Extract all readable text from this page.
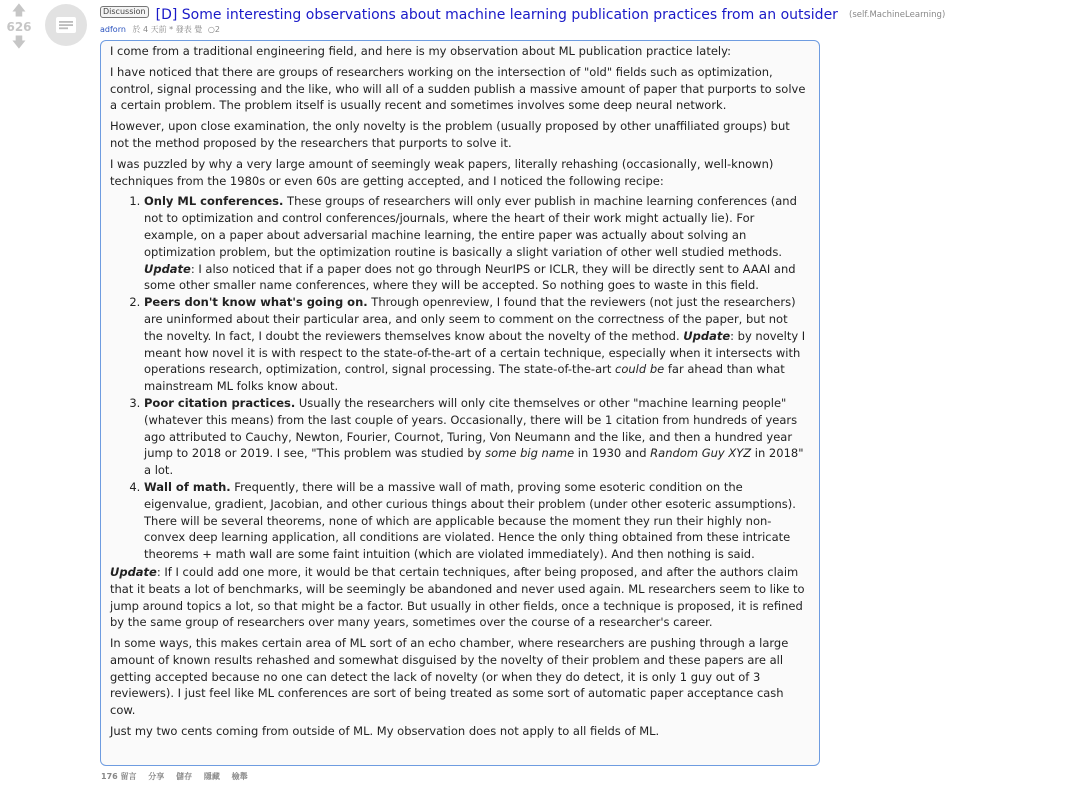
🡅
626
🡇
Discussion [D] Some interesting observations about machine learning publication practices from an outsider (self.MachineLearning)
adforn 於 4 天前 * 發表 覺 ○2

I come from a traditional engineering field, and here is my observation about ML publication practice lately:

I have noticed that there are groups of researchers working on the intersection of "old" fields such as optimization, control, signal processing and the like, who will all of a sudden publish a massive amount of paper that purports to solve a certain problem. The problem itself is usually recent and sometimes involves some deep neural network.

However, upon close examination, the only novelty is the problem (usually proposed by other unaffiliated groups) but not the method proposed by the researchers that purports to solve it.

I was puzzled by why a very large amount of seemingly weak papers, literally rehashing (occasionally, well-known) techniques from the 1980s or even 60s are getting accepted, and I noticed the following recipe:

1. Only ML conferences. These groups of researchers will only ever publish in machine learning conferences (and not to optimization and control conferences/journals, where the heart of their work might actually lie). For example, on a paper about adversarial machine learning, the entire paper was actually about solving an optimization problem, but the optimization routine is basically a slight variation of other well studied methods. Update: I also noticed that if a paper does not go through NeurIPS or ICLR, they will be directly sent to AAAI and some other smaller name conferences, where they will be accepted. So nothing goes to waste in this field.
2. Peers don't know what's going on. Through openreview, I found that the reviewers (not just the researchers) are uninformed about their particular area, and only seem to comment on the correctness of the paper, but not the novelty. In fact, I doubt the reviewers themselves know about the novelty of the method. Update: by novelty I meant how novel it is with respect to the state-of-the-art of a certain technique, especially when it intersects with operations research, optimization, control, signal processing. The state-of-the-art could be far ahead than what mainstream ML folks know about.
3. Poor citation practices. Usually the researchers will only cite themselves or other "machine learning people" (whatever this means) from the last couple of years. Occasionally, there will be 1 citation from hundreds of years ago attributed to Cauchy, Newton, Fourier, Cournot, Turing, Von Neumann and the like, and then a hundred year jump to 2018 or 2019. I see, "This problem was studied by some big name in 1930 and Random Guy XYZ in 2018" a lot.
4. Wall of math. Frequently, there will be a massive wall of math, proving some esoteric condition on the eigenvalue, gradient, Jacobian, and other curious things about their problem (under other esoteric assumptions). There will be several theorems, none of which are applicable because the moment they run their highly non-convex deep learning application, all conditions are violated. Hence the only thing obtained from these intricate theorems + math wall are some faint intuition (which are violated immediately). And then nothing is said.

Update: If I could add one more, it would be that certain techniques, after being proposed, and after the authors claim that it beats a lot of benchmarks, will be seemingly be abandoned and never used again. ML researchers seem to like to jump around topics a lot, so that might be a factor. But usually in other fields, once a technique is proposed, it is refined by the same group of researchers over many years, sometimes over the course of a researcher's career.

In some ways, this makes certain area of ML sort of an echo chamber, where researchers are pushing through a large amount of known results rehashed and somewhat disguised by the novelty of their problem and these papers are all getting accepted because no one can detect the lack of novelty (or when they do detect, it is only 1 guy out of 3 reviewers). I just feel like ML conferences are sort of being treated as some sort of automatic paper acceptance cash cow.

Just my two cents coming from outside of ML. My observation does not apply to all fields of ML.

176 留言 分享 儲存 隱藏 檢舉
